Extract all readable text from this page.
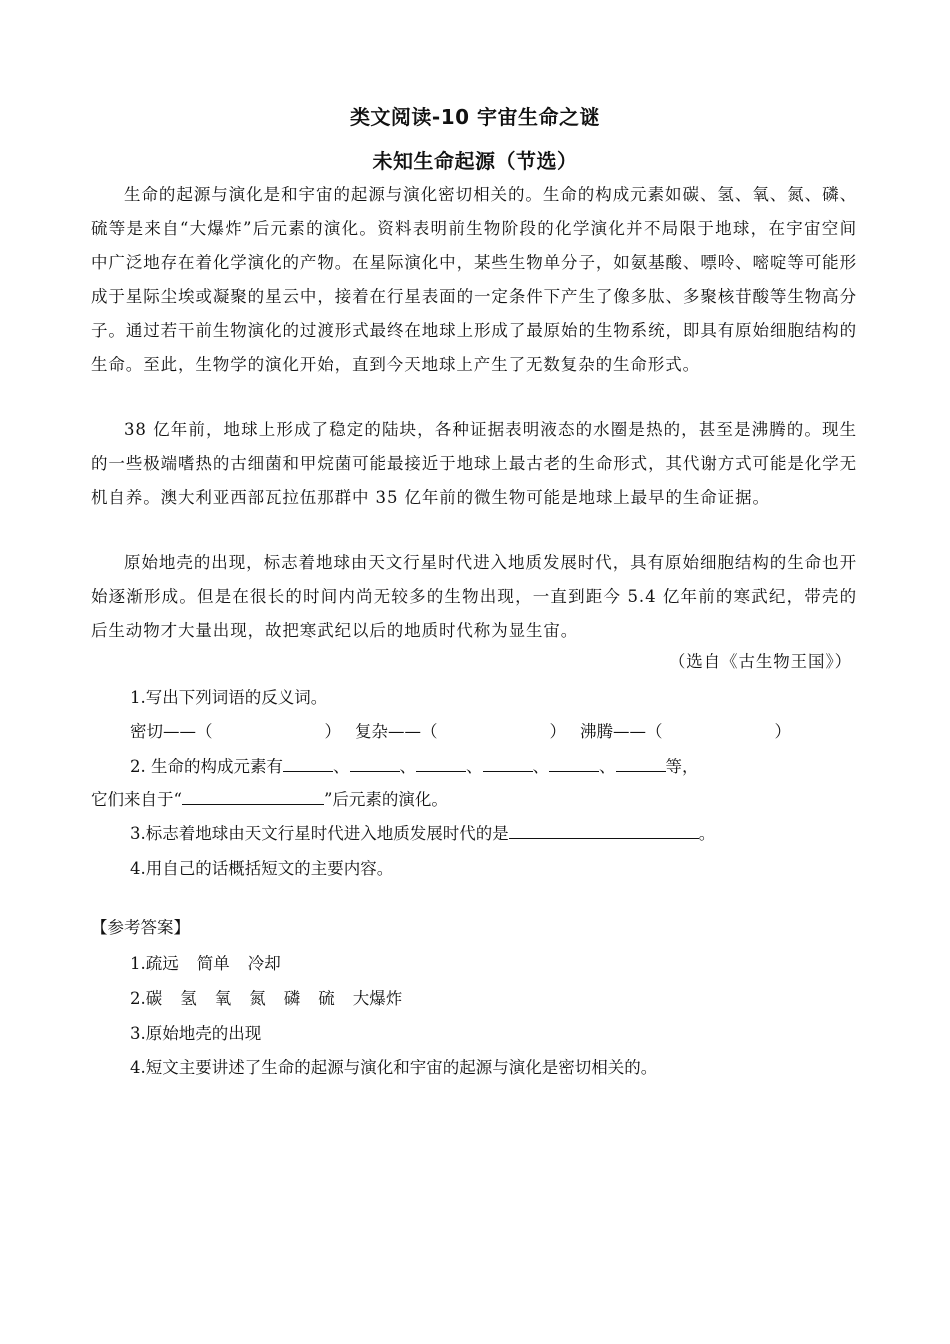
类文阅读-10 宇宙生命之谜
未知生命起源（节选）
生命的起源与演化是和宇宙的起源与演化密切相关的。生命的构成元素如碳、氢、氧、氮、磷、硫等是来自“大爆炸”后元素的演化。资料表明前生物阶段的化学演化并不局限于地球，在宇宙空间中广泛地存在着化学演化的产物。在星际演化中，某些生物单分子，如氨基酸、嘌呤、嘧啶等可能形成于星际尘埃或凝聚的星云中，接着在行星表面的一定条件下产生了像多肽、多聚核苷酸等生物高分子。通过若干前生物演化的过渡形式最终在地球上形成了最原始的生物系统，即具有原始细胞结构的生命。至此，生物学的演化开始，直到今天地球上产生了无数复杂的生命形式。
38 亿年前，地球上形成了稳定的陆块，各种证据表明液态的水圈是热的，甚至是沸腾的。现生的一些极端嗜热的古细菌和甲烷菌可能最接近于地球上最古老的生命形式，其代谢方式可能是化学无机自养。澳大利亚西部瓦拉伍那群中 35 亿年前的微生物可能是地球上最早的生命证据。
原始地壳的出现，标志着地球由天文行星时代进入地质发展时代，具有原始细胞结构的生命也开始逐渐形成。但是在很长的时间内尚无较多的生物出现，一直到距今 5.4 亿年前的寒武纪，带壳的后生动物才大量出现，故把寒武纪以后的地质时代称为显生宙。
（选自《古生物王国》）
1.写出下列词语的反义词。
密切——（	） 复杂——（	） 沸腾——（	）
2. 生命的构成元素有	、	、	、	、	、	等，
它们来自于“	”后元素的演化。
3.标志着地球由天文行星时代进入地质发展时代的是	。
4.用自己的话概括短文的主要内容。
【参考答案】
1.疏远 简单 冷却
2.碳 氢 氧 氮 磷 硫 大爆炸
3.原始地壳的出现
4.短文主要讲述了生命的起源与演化和宇宙的起源与演化是密切相关的。
